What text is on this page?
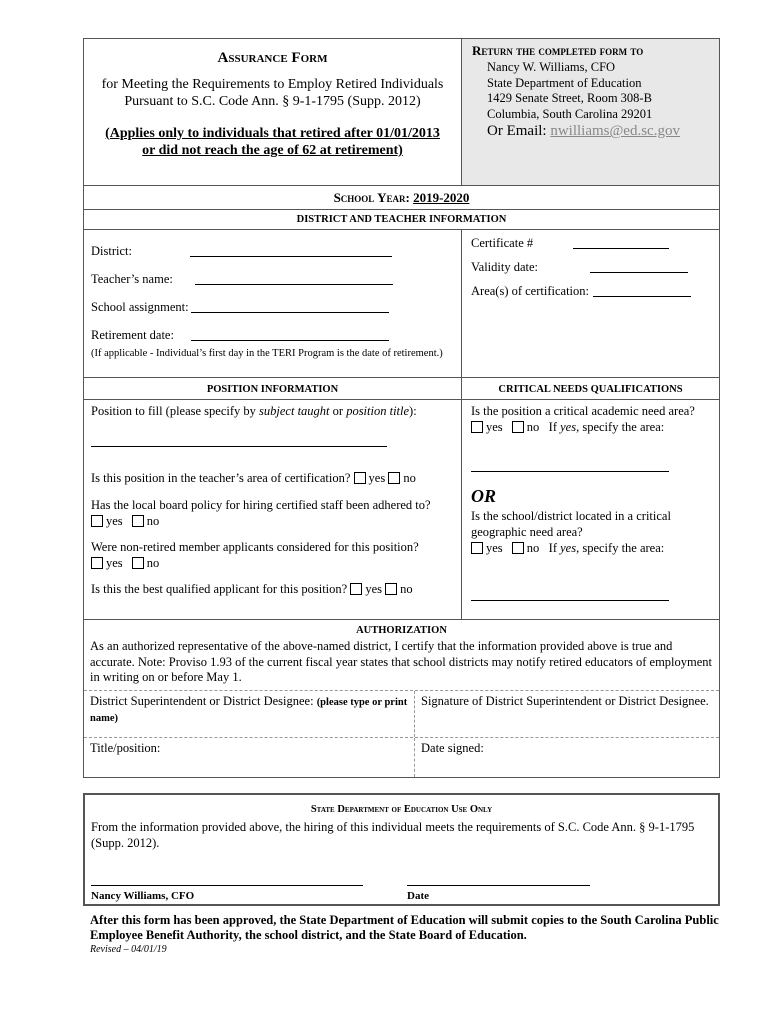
Assurance Form
for Meeting the Requirements to Employ Retired Individuals Pursuant to S.C. Code Ann. § 9-1-1795 (Supp. 2012)
(Applies only to individuals that retired after 01/01/2013
or did not reach the age of 62 at retirement)
Return the completed form to
Nancy W. Williams, CFO
State Department of Education
1429 Senate Street, Room 308-B
Columbia, South Carolina 29201
Or Email: nwilliams@ed.sc.gov
School Year: 2019-2020
DISTRICT AND TEACHER INFORMATION
District:
Teacher’s name:
School assignment:
Retirement date:
(If applicable - Individual’s first day in the TERI Program is the date of retirement.)
Certificate #
Validity date:
Area(s) of certification:
POSITION INFORMATION	CRITICAL NEEDS QUALIFICATIONS
Position to fill (please specify by subject taught or position title):
Is this position in the teacher’s area of certification? yes no
Has the local board policy for hiring certified staff been adhered to?
yes no
Were non-retired member applicants considered for this position?
yes no
Is this the best qualified applicant for this position? yes no
Is the position a critical academic need area?
yes no If yes, specify the area:
OR
Is the school/district located in a critical geographic need area?
yes no If yes, specify the area:
AUTHORIZATION
As an authorized representative of the above-named district, I certify that the information provided above is true and accurate. Note: Proviso 1.93 of the current fiscal year states that school districts may notify retired educators of employment in writing on or before May 1.
District Superintendent or District Designee: (please type or print name)
Signature of District Superintendent or District Designee.
Title/position:	Date signed:
State Department of Education Use Only
From the information provided above, the hiring of this individual meets the requirements of S.C. Code Ann. § 9-1-1795 (Supp. 2012).
Nancy Williams, CFO	Date
After this form has been approved, the State Department of Education will submit copies to the South Carolina Public Employee Benefit Authority, the school district, and the State Board of Education.
Revised – 04/01/19
